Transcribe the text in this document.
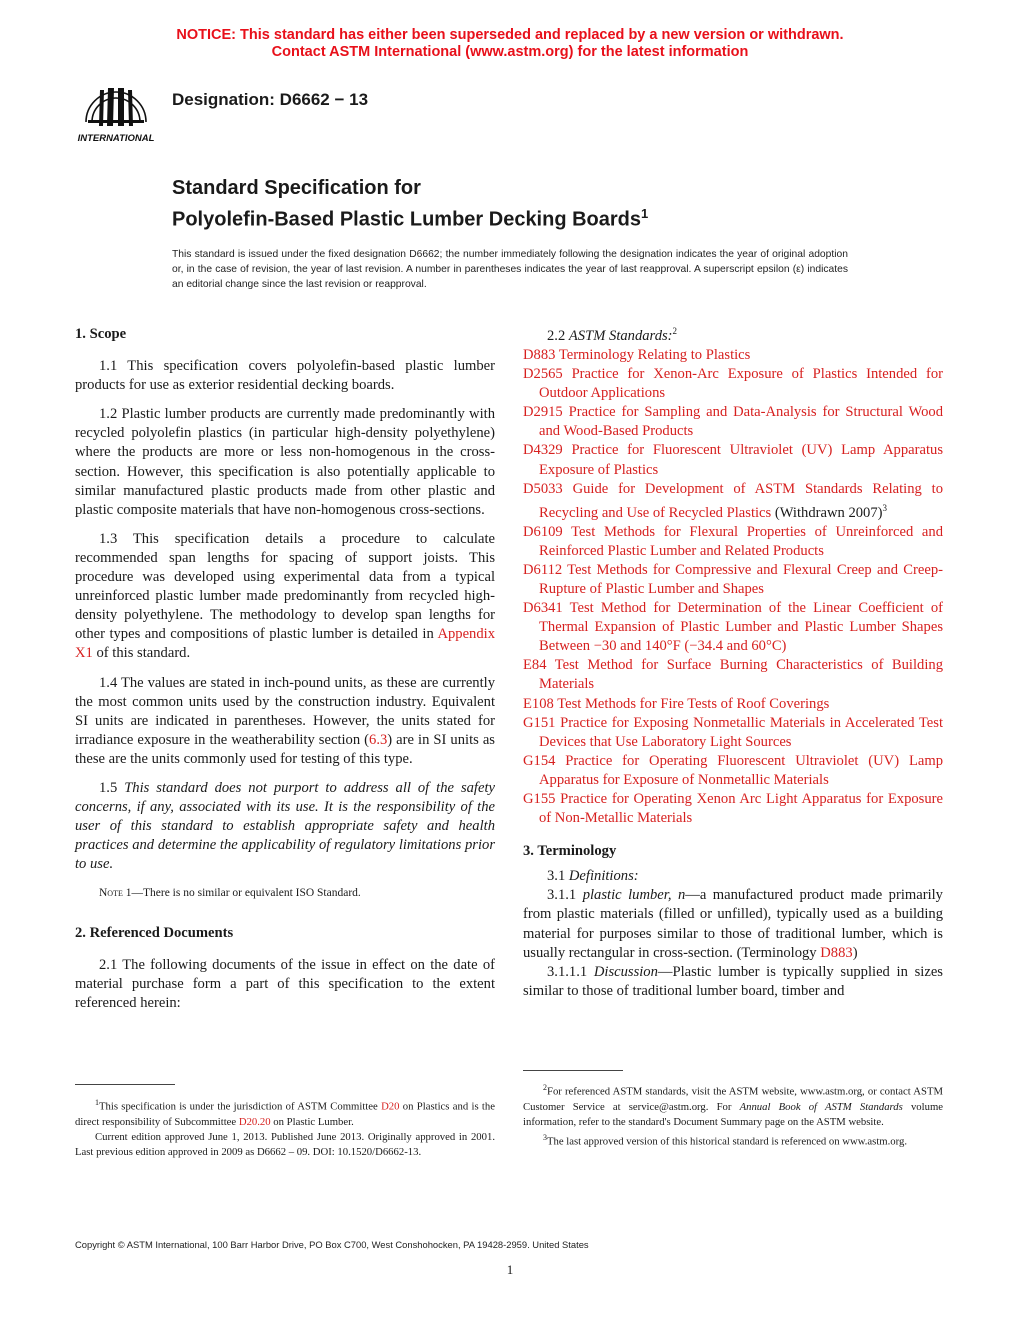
NOTICE: This standard has either been superseded and replaced by a new version or withdrawn.
Contact ASTM International (www.astm.org) for the latest information
INTERNATIONAL
Designation: D6662 − 13
Standard Specification for
Polyolefin-Based Plastic Lumber Decking Boards$^1$
This standard is issued under the fixed designation D6662; the number immediately following the designation indicates the year of original adoption or, in the case of revision, the year of last revision. A number in parentheses indicates the year of last reapproval. A superscript epsilon (ε) indicates an editorial change since the last revision or reapproval.
1. Scope

1.1 This specification covers polyolefin-based plastic lumber products for use as exterior residential decking boards.

1.2 Plastic lumber products are currently made predominantly with recycled polyolefin plastics (in particular high-density polyethylene) where the products are more or less non-homogenous in the cross-section. However, this specification is also potentially applicable to similar manufactured plastic products made from other plastic and plastic composite materials that have non-homogenous cross-sections.

1.3 This specification details a procedure to calculate recommended span lengths for spacing of support joists. This procedure was developed using experimental data from a typical unreinforced plastic lumber made predominantly from recycled high-density polyethylene. The methodology to develop span lengths for other types and compositions of plastic lumber is detailed in Appendix X1 of this standard.

1.4 The values are stated in inch-pound units, as these are currently the most common units used by the construction industry. Equivalent SI units are indicated in parentheses. However, the units stated for irradiance exposure in the weatherability section (6.3) are in SI units as these are the units commonly used for testing of this type.

1.5 This standard does not purport to address all of the safety concerns, if any, associated with its use. It is the responsibility of the user of this standard to establish appropriate safety and health practices and determine the applicability of regulatory limitations prior to use.

Note 1—There is no similar or equivalent ISO Standard.

2. Referenced Documents

2.1 The following documents of the issue in effect on the date of material purchase form a part of this specification to the extent referenced herein:

2.2 ASTM Standards:$^2$

D883 Terminology Relating to Plastics

D2565 Practice for Xenon-Arc Exposure of Plastics Intended for Outdoor Applications

D2915 Practice for Sampling and Data-Analysis for Structural Wood and Wood-Based Products

D4329 Practice for Fluorescent Ultraviolet (UV) Lamp Apparatus Exposure of Plastics

D5033 Guide for Development of ASTM Standards Relating to Recycling and Use of Recycled Plastics (Withdrawn 2007)$^3$

D6109 Test Methods for Flexural Properties of Unreinforced and Reinforced Plastic Lumber and Related Products

D6112 Test Methods for Compressive and Flexural Creep and Creep-Rupture of Plastic Lumber and Shapes

D6341 Test Method for Determination of the Linear Coefficient of Thermal Expansion of Plastic Lumber and Plastic Lumber Shapes Between −30 and 140°F (−34.4 and 60°C)

E84 Test Method for Surface Burning Characteristics of Building Materials

E108 Test Methods for Fire Tests of Roof Coverings

G151 Practice for Exposing Nonmetallic Materials in Accelerated Test Devices that Use Laboratory Light Sources

G154 Practice for Operating Fluorescent Ultraviolet (UV) Lamp Apparatus for Exposure of Nonmetallic Materials

G155 Practice for Operating Xenon Arc Light Apparatus for Exposure of Non-Metallic Materials

3. Terminology

3.1 Definitions:

3.1.1 plastic lumber, n—a manufactured product made primarily from plastic materials (filled or unfilled), typically used as a building material for purposes similar to those of traditional lumber, which is usually rectangular in cross-section. (Terminology D883)

3.1.1.1 Discussion—Plastic lumber is typically supplied in sizes similar to those of traditional lumber board, timber and

$^1$This specification is under the jurisdiction of ASTM Committee D20 on Plastics and is the direct responsibility of Subcommittee D20.20 on Plastic Lumber.

Current edition approved June 1, 2013. Published June 2013. Originally approved in 2001. Last previous edition approved in 2009 as D6662 – 09. DOI: 10.1520/D6662-13.

$^2$For referenced ASTM standards, visit the ASTM website, www.astm.org, or contact ASTM Customer Service at service@astm.org. For Annual Book of ASTM Standards volume information, refer to the standard's Document Summary page on the ASTM website.

$^3$The last approved version of this historical standard is referenced on www.astm.org.

Copyright © ASTM International, 100 Barr Harbor Drive, PO Box C700, West Conshohocken, PA 19428-2959. United States
1
